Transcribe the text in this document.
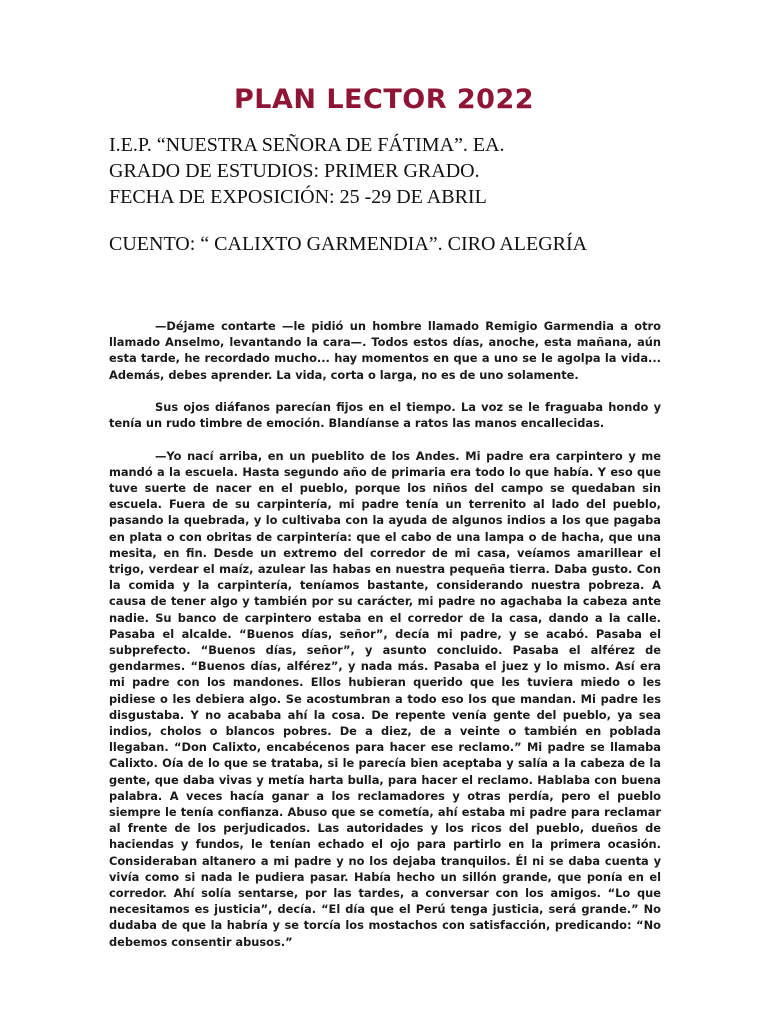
PLAN LECTOR 2022
I.E.P. “NUESTRA SEÑORA DE FÁTIMA”. EA.
GRADO DE ESTUDIOS: PRIMER GRADO.
FECHA DE EXPOSICIÓN: 25 -29 DE ABRIL
CUENTO: “ CALIXTO GARMENDIA”. CIRO ALEGRÍA

—Déjame contarte —le pidió un hombre llamado Remigio Garmendia a otro llamado Anselmo, levantando la cara—. Todos estos días, anoche, esta mañana, aún esta tarde, he recordado mucho... hay momentos en que a uno se le agolpa la vida... Además, debes aprender. La vida, corta o larga, no es de uno solamente.

Sus ojos diáfanos parecían fijos en el tiempo. La voz se le fraguaba hondo y tenía un rudo timbre de emoción. Blandíanse a ratos las manos encallecidas.

—Yo nací arriba, en un pueblito de los Andes. Mi padre era carpintero y me mandó a la escuela. Hasta segundo año de primaria era todo lo que había. Y eso que tuve suerte de nacer en el pueblo, porque los niños del campo se quedaban sin escuela. Fuera de su carpintería, mi padre tenía un terrenito al lado del pueblo, pasando la quebrada, y lo cultivaba con la ayuda de algunos indios a los que pagaba en plata o con obritas de carpintería: que el cabo de una lampa o de hacha, que una mesita, en fin. Desde un extremo del corredor de mi casa, veíamos amarillear el trigo, verdear el maíz, azulear las habas en nuestra pequeña tierra. Daba gusto. Con la comida y la carpintería, teníamos bastante, considerando nuestra pobreza. A causa de tener algo y también por su carácter, mi padre no agachaba la cabeza ante nadie. Su banco de carpintero estaba en el corredor de la casa, dando a la calle. Pasaba el alcalde. “Buenos días, señor”, decía mi padre, y se acabó. Pasaba el subprefecto. “Buenos días, señor”, y asunto concluido. Pasaba el alférez de gendarmes. “Buenos días, alférez”, y nada más. Pasaba el juez y lo mismo. Así era mi padre con los mandones. Ellos hubieran querido que les tuviera miedo o les pidiese o les debiera algo. Se acostumbran a todo eso los que mandan. Mi padre les disgustaba. Y no acababa ahí la cosa. De repente venía gente del pueblo, ya sea indios, cholos o blancos pobres. De a diez, de a veinte o también en poblada llegaban. “Don Calixto, encabécenos para hacer ese reclamo.” Mi padre se llamaba Calixto. Oía de lo que se trataba, si le parecía bien aceptaba y salía a la cabeza de la gente, que daba vivas y metía harta bulla, para hacer el reclamo. Hablaba con buena palabra. A veces hacía ganar a los reclamadores y otras perdía, pero el pueblo siempre le tenía confianza. Abuso que se cometía, ahí estaba mi padre para reclamar al frente de los perjudicados. Las autoridades y los ricos del pueblo, dueños de haciendas y fundos, le tenían echado el ojo para partirlo en la primera ocasión. Consideraban altanero a mi padre y no los dejaba tranquilos. Él ni se daba cuenta y vivía como si nada le pudiera pasar. Había hecho un sillón grande, que ponía en el corredor. Ahí solía sentarse, por las tardes, a conversar con los amigos. “Lo que necesitamos es justicia”, decía. “El día que el Perú tenga justicia, será grande.” No dudaba de que la habría y se torcía los mostachos con satisfacción, predicando: “No debemos consentir abusos.”
